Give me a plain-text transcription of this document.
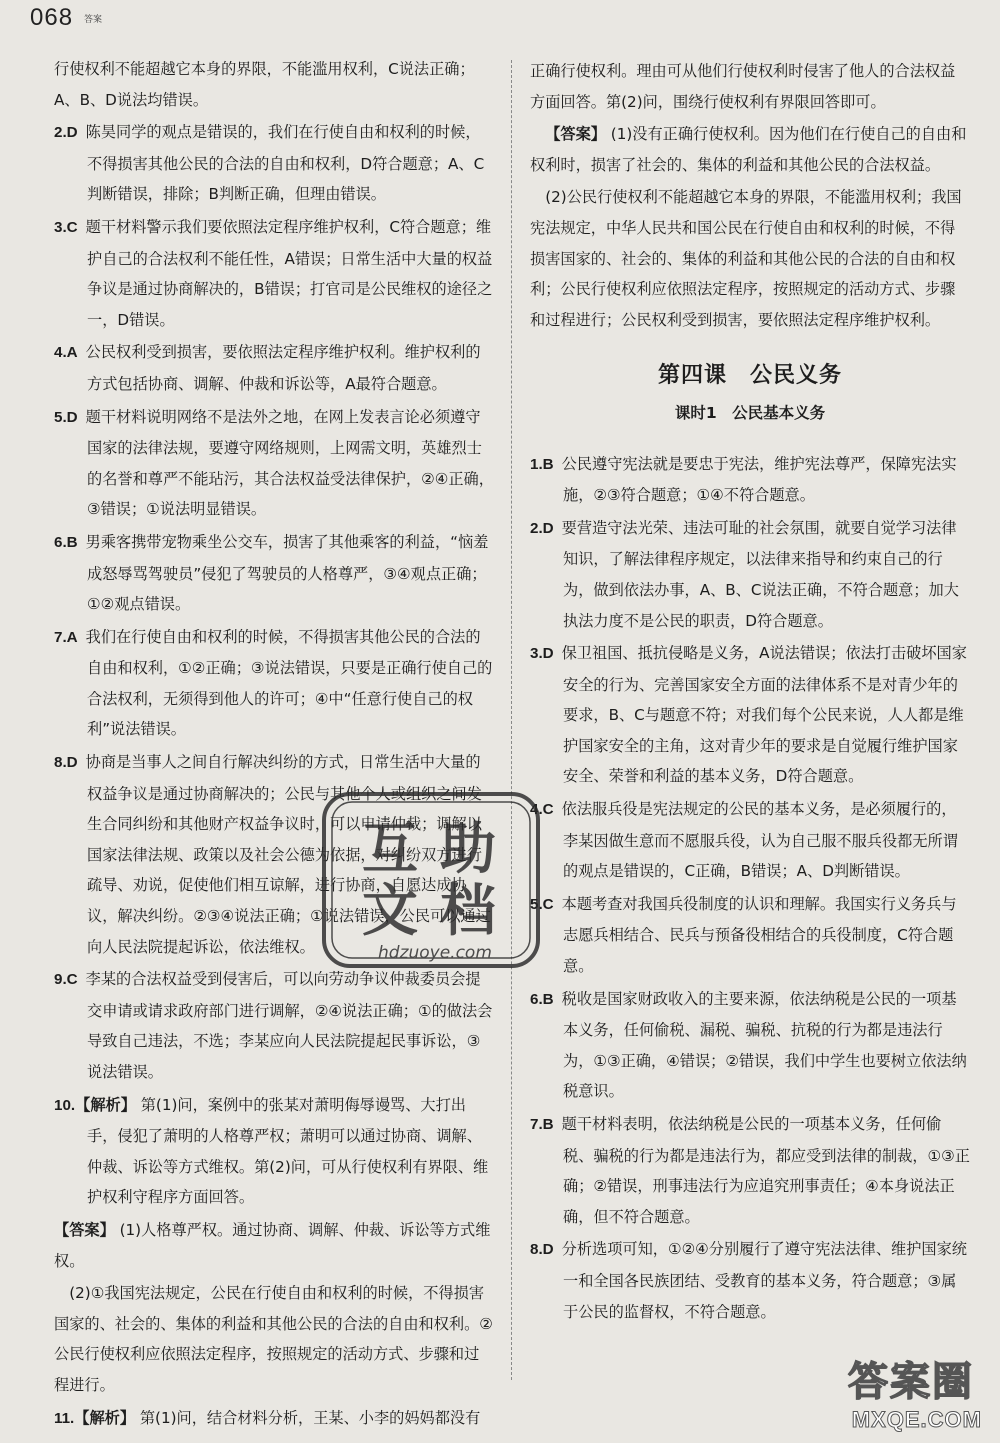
068 答案
行使权利不能超越它本身的界限，不能滥用权利，C说法正确；A、B、D说法均错误。
2.D 陈昊同学的观点是错误的，我们在行使自由和权利的时候，不得损害其他公民的合法的自由和权利，D符合题意；A、C判断错误，排除；B判断正确，但理由错误。
3.C 题干材料警示我们要依照法定程序维护权利，C符合题意；维护自己的合法权利不能任性，A错误；日常生活中大量的权益争议是通过协商解决的，B错误；打官司是公民维权的途径之一，D错误。
4.A 公民权利受到损害，要依照法定程序维护权利。维护权利的方式包括协商、调解、仲裁和诉讼等，A最符合题意。
5.D 题干材料说明网络不是法外之地，在网上发表言论必须遵守国家的法律法规，要遵守网络规则，上网需文明，英雄烈士的名誉和尊严不能玷污，其合法权益受法律保护，②④正确，③错误；①说法明显错误。
6.B 男乘客携带宠物乘坐公交车，损害了其他乘客的利益，“恼羞成怒辱骂驾驶员”侵犯了驾驶员的人格尊严，③④观点正确；①②观点错误。
7.A 我们在行使自由和权利的时候，不得损害其他公民的合法的自由和权利，①②正确；③说法错误，只要是正确行使自己的合法权利，无须得到他人的许可；④中“任意行使自己的权利”说法错误。
8.D 协商是当事人之间自行解决纠纷的方式，日常生活中大量的权益争议是通过协商解决的；公民与其他个人或组织之间发生合同纠纷和其他财产权益争议时，可以申请仲裁；调解以国家法律法规、政策以及社会公德为依据，对纠纷双方进行疏导、劝说，促使他们相互谅解，进行协商，自愿达成协议，解决纠纷。②③④说法正确；①说法错误，公民可以通过向人民法院提起诉讼，依法维权。
9.C 李某的合法权益受到侵害后，可以向劳动争议仲裁委员会提交申请或请求政府部门进行调解，②④说法正确；①的做法会导致自己违法，不选；李某应向人民法院提起民事诉讼，③说法错误。
10.【解析】 第(1)问，案例中的张某对萧明侮辱谩骂、大打出手，侵犯了萧明的人格尊严权；萧明可以通过协商、调解、仲裁、诉讼等方式维权。第(2)问，可从行使权利有界限、维护权利守程序方面回答。
【答案】 (1)人格尊严权。通过协商、调解、仲裁、诉讼等方式维权。
(2)①我国宪法规定，公民在行使自由和权利的时候，不得损害国家的、社会的、集体的利益和其他公民的合法的自由和权利。②公民行使权利应依照法定程序，按照规定的活动方式、步骤和过程进行。
11.【解析】 第(1)问，结合材料分析，王某、小李的妈妈都没有
正确行使权利。理由可从他们行使权利时侵害了他人的合法权益方面回答。第(2)问，围绕行使权利有界限回答即可。
【答案】 (1)没有正确行使权利。因为他们在行使自己的自由和权利时，损害了社会的、集体的利益和其他公民的合法权益。
(2)公民行使权利不能超越它本身的界限，不能滥用权利；我国宪法规定，中华人民共和国公民在行使自由和权利的时候，不得损害国家的、社会的、集体的利益和其他公民的合法的自由和权利；公民行使权利应依照法定程序，按照规定的活动方式、步骤和过程进行；公民权利受到损害，要依照法定程序维护权利。
第四课　公民义务
课时1　公民基本义务
1.B 公民遵守宪法就是要忠于宪法，维护宪法尊严，保障宪法实施，②③符合题意；①④不符合题意。
2.D 要营造守法光荣、违法可耻的社会氛围，就要自觉学习法律知识，了解法律程序规定，以法律来指导和约束自己的行为，做到依法办事，A、B、C说法正确，不符合题意；加大执法力度不是公民的职责，D符合题意。
3.D 保卫祖国、抵抗侵略是义务，A说法错误；依法打击破坏国家安全的行为、完善国家安全方面的法律体系不是对青少年的要求，B、C与题意不符；对我们每个公民来说，人人都是维护国家安全的主角，这对青少年的要求是自觉履行维护国家安全、荣誉和利益的基本义务，D符合题意。
4.C 依法服兵役是宪法规定的公民的基本义务，是必须履行的，李某因做生意而不愿服兵役，认为自己服不服兵役都无所谓的观点是错误的，C正确，B错误；A、D判断错误。
5.C 本题考查对我国兵役制度的认识和理解。我国实行义务兵与志愿兵相结合、民兵与预备役相结合的兵役制度，C符合题意。
6.B 税收是国家财政收入的主要来源，依法纳税是公民的一项基本义务，任何偷税、漏税、骗税、抗税的行为都是违法行为，①③正确，④错误；②错误，我们中学生也要树立依法纳税意识。
7.B 题干材料表明，依法纳税是公民的一项基本义务，任何偷税、骗税的行为都是违法行为，都应受到法律的制裁，①③正确；②错误，刑事违法行为应追究刑事责任；④本身说法正确，但不符合题意。
8.D 分析选项可知，①②④分别履行了遵守宪法法律、维护国家统一和全国各民族团结、受教育的基本义务，符合题意；③属于公民的监督权，不符合题意。
互 助
文 档
hdzuoye.com
答案圈
MXQE.COM
